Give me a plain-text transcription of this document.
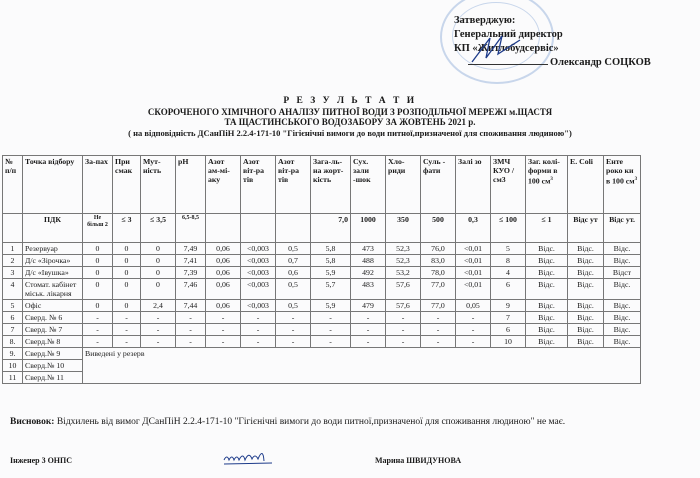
Затверджую:
Генеральний директор
КП «Житлобудсервіс»
Олександр СОЦКОВ
Р Е З У Л Ь Т А Т И
СКОРОЧЕНОГО ХІМІЧНОГО АНАЛІЗУ ПИТНОЇ ВОДИ З РОЗПОДІЛЬЧОЇ МЕРЕЖІ м.ЩАСТЯ
ТА ЩАСТИНСЬКОГО ВОДОЗАБОРУ ЗА ЖОВТЕНЬ 2021 р.
( на відповідність ДСанПіН 2.2.4-171-10 "Гігієнічні вимоги до води питної,призначеної для споживання людиною")
№ п/п	Точка відбору	За-пах	При смак	Мут-ність	рН	Азот ам-мі-аку	Азот віт-ра тів	Азот віт-ра тів	Зага-ль-на жорт-кість	Сух. зали -шок	Хло-риди	Суль - фати	Залі зо	ЗМЧ КУО / см3	Заг. колі-форми в 100 $см^3$	E. Coli	Енте роко ки в 100 $см^3$
	ПДК	Не більш 2	≤ 3	≤ 3,5	6,5-8,5				7,0	1000	350	500	0,3	≤ 100	≤ 1	Відс ут	Відс ут.
1	Резервуар	0	0	0	7,49	0,06	<0,003	0,5	5,8	473	52,3	76,0	<0,01	5	Відс.	Відс.	Відс.
2	Д/с «Зірочка»	0	0	0	7,41	0,06	<0,003	0,7	5,8	488	52,3	83,0	<0,01	8	Відс.	Відс.	Відс.
3	Д/с «Івушка»	0	0	0	7,39	0,06	<0,003	0,6	5,9	492	53,2	78,0	<0,01	4	Відс.	Відс.	Відст
4	Стомат. кабінет міськ. лікарня	0	0	0	7,46	0,06	<0,003	0,5	5,7	483	57,6	77,0	<0,01	6	Відс.	Відс.	Відс.
5	Офіс	0	0	2,4	7,44	0,06	<0,003	0,5	5,9	479	57,6	77,0	0,05	9	Відс.	Відс.	Відс.
6	Сверд. № 6	-	-	-	-	-	-	-	-	-	-	-	-	7	Відс.	Відс.	Відс.
7	Сверд. № 7	-	-	-	-	-	-	-	-	-	-	-	-	6	Відс.	Відс.	Відс.
8.	Сверд.№ 8	-	-	-	-	-	-	-	-	-	-	-	-	10	Відс.	Відс.	Відс.
9.	Сверд.№ 9	Виведені у резерв															
10	Сверд.№ 10																
11	Сверд.№ 11																
Висновок: Відхилень від вимог ДСанПіН 2.2.4-171-10 "Гігієнічні вимоги до води питної,призначеної для споживання людиною" не має.
Інженер 3 ОНПС	Марина ШВИДУНОВА
